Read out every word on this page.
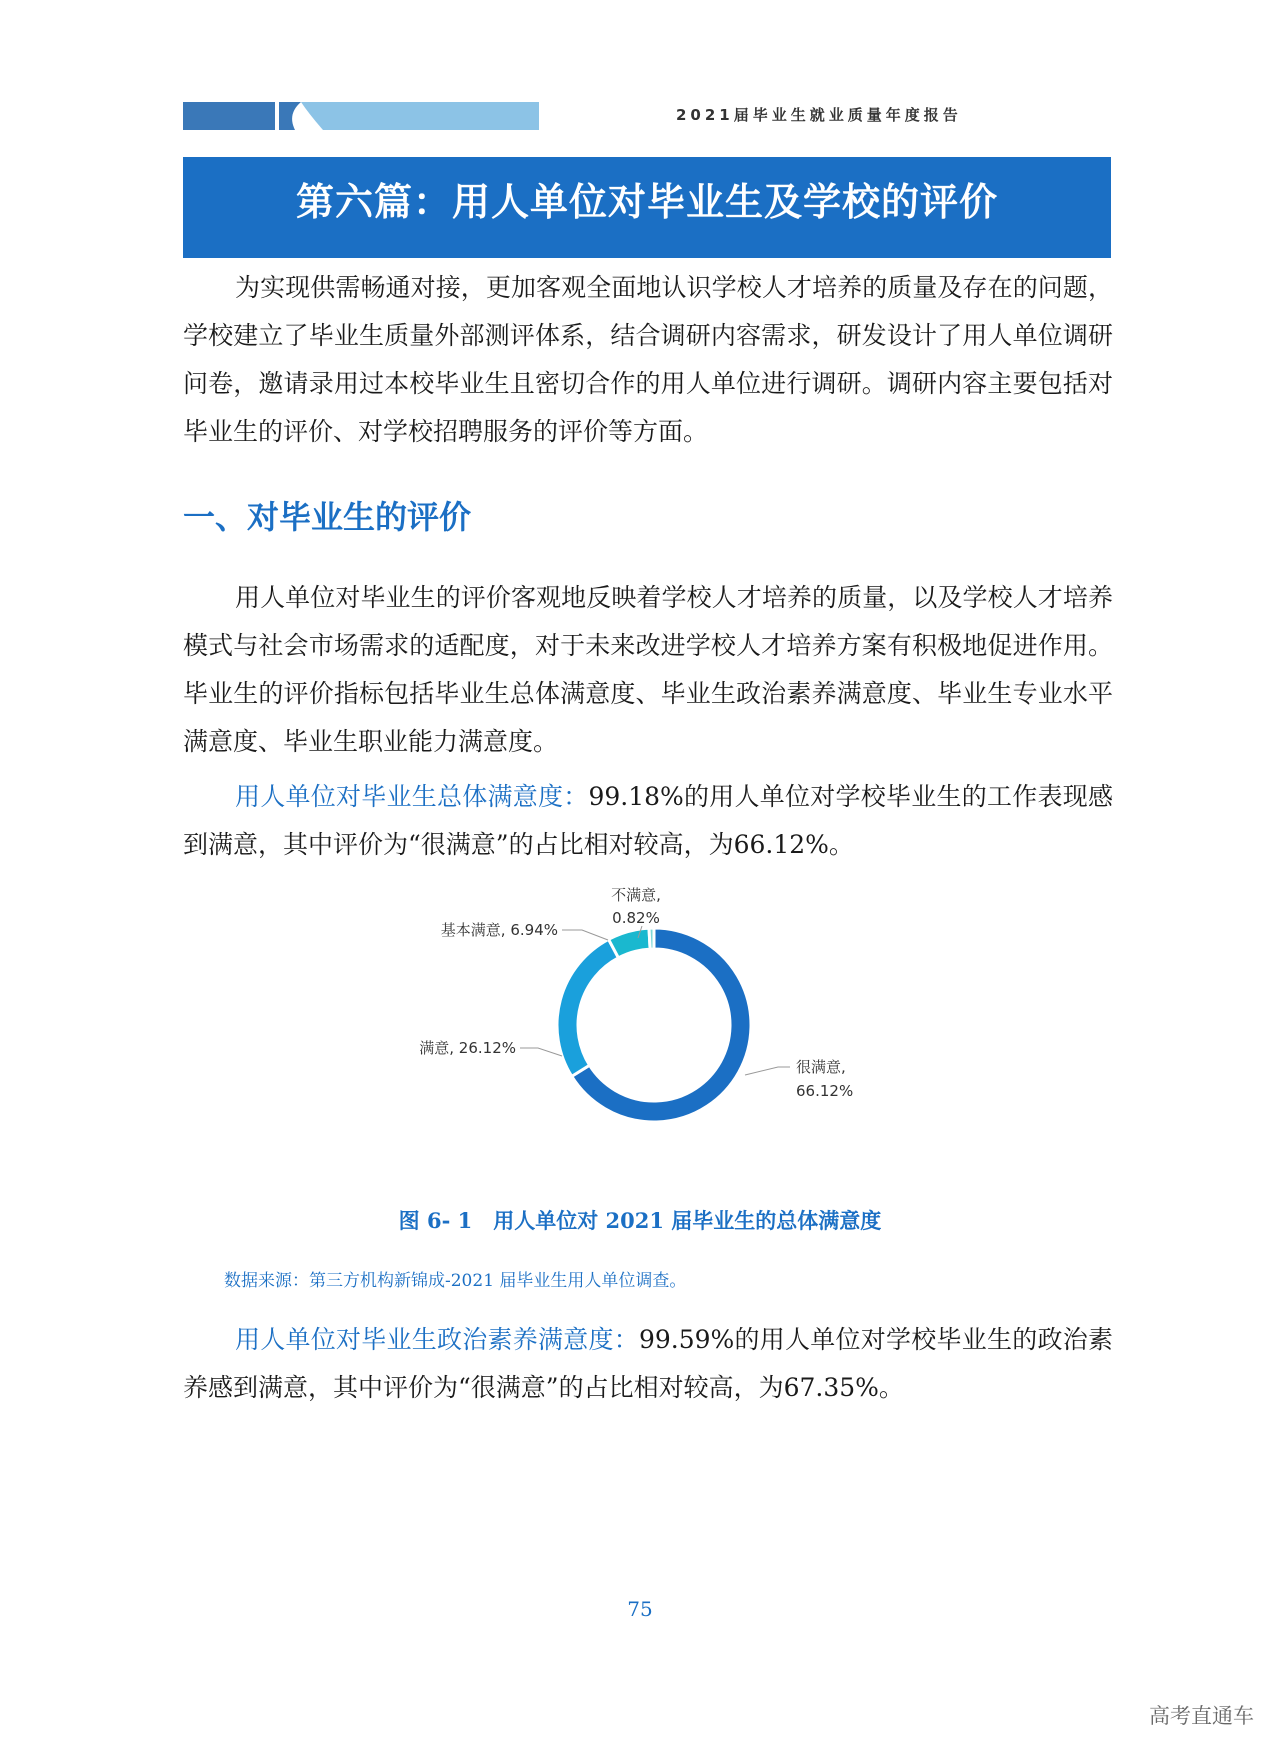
2021届毕业生就业质量年度报告
第六篇：用人单位对毕业生及学校的评价

为实现供需畅通对接，更加客观全面地认识学校人才培养的质量及存在的问题，学校建立了毕业生质量外部测评体系，结合调研内容需求，研发设计了用人单位调研问卷，邀请录用过本校毕业生且密切合作的用人单位进行调研。调研内容主要包括对毕业生的评价、对学校招聘服务的评价等方面。

一、对毕业生的评价

用人单位对毕业生的评价客观地反映着学校人才培养的质量，以及学校人才培养模式与社会市场需求的适配度，对于未来改进学校人才培养方案有积极地促进作用。毕业生的评价指标包括毕业生总体满意度、毕业生政治素养满意度、毕业生专业水平满意度、毕业生职业能力满意度。

用人单位对毕业生总体满意度：99.18%的用人单位对学校毕业生的工作表现感到满意，其中评价为“很满意”的占比相对较高，为66.12%。

很满意,
66.12%
满意, 26.12%
基本满意, 6.94%
不满意,
0.82%
图 6- 1　用人单位对 2021 届毕业生的总体满意度
数据来源：第三方机构新锦成-2021 届毕业生用人单位调查。

用人单位对毕业生政治素养满意度：99.59%的用人单位对学校毕业生的政治素养感到满意，其中评价为“很满意”的占比相对较高，为67.35%。

75
高考直通车
